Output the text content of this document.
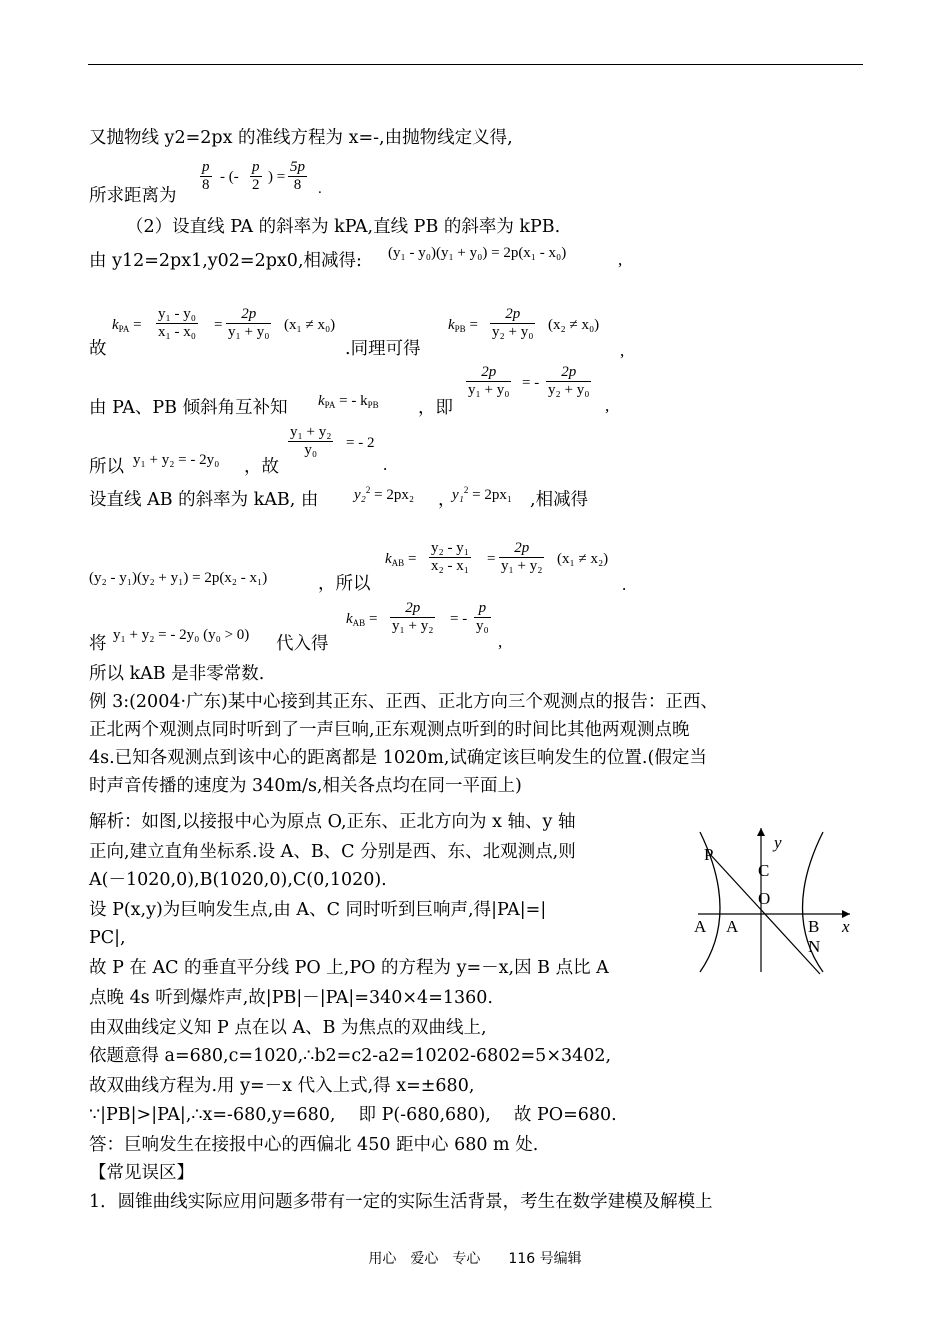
又抛物线 y2=2px 的准线方程为 x=-,由抛物线定义得,
所求距离为
p
8 - (-
p
2 ) =
5p
8 .
（2）设直线 PA 的斜率为 kPA,直线 PB 的斜率为 kPB.
由 y12=2px1,y02=2px0,相减得: (y₁ - y₀)(y₁ + y₀) = 2p(x₁ - x₀)	,
故
$k_{PA}$ =
y₁ - y₀
x₁ - x₀ =
2p
y₁ + y₀ (x₁ ≠ x₀)
.同理可得
$k_{PB}$ =
2p
y₂ + y₀ (x₂ ≠ x₀)
,
由 PA、PB 倾斜角互补知 $k_{PA}$ = - $k_{PB}$ ，即
2p
y₁ + y₀ = -
2p
y₂ + y₀
,
所以 y₁ + y₂ = - 2y₀ ，故
y₁ + y₂
y₀ = - 2
.
设直线 AB 的斜率为 kAB, 由 y₂$^2$ = 2px₂ ，
y₁$^2$ = 2px₁ ,相减得
(y₂ - y₁)(y₂ + y₁) = 2p(x₂ - x₁)	，所以
$k_{AB}$ =
y₂ - y₁
x₂ - x₁ =
2p
y₁ + y₂ (x₁ ≠ x₂)
.
将 y₁ + y₂ = - 2y₀ (y₀ > 0) 代入得
$k_{AB}$ =
2p
y₁ + y₂ = -
p
y₀
,
所以 kAB 是非零常数.
例 3:(2004·广东)某中心接到其正东、正西、正北方向三个观测点的报告：正西、
正北两个观测点同时听到了一声巨响,正东观测点听到的时间比其他两观测点晚
4s.已知各观测点到该中心的距离都是 1020m,试确定该巨响发生的位置.(假定当
时声音传播的速度为 340m/s,相关各点均在同一平面上)
解析：如图,以接报中心为原点 O,正东、正北方向为 x 轴、y 轴
正向,建立直角坐标系.设 A、B、C 分别是西、东、北观测点,则
A(－1020,0),B(1020,0),C(0,1020).
设 P(x,y)为巨响发生点,由 A、C 同时听到巨响声,得|PA|=|
PC|,
故 P 在 AC 的垂直平分线 PO 上,PO 的方程为 y=－x,因 B 点比 A
点晚 4s 听到爆炸声,故|PB|－|PA|=340×4=1360.
由双曲线定义知 P 点在以 A、B 为焦点的双曲线上,
依题意得 a=680,c=1020,∴b2=c2-a2=10202-6802=5×3402,
故双曲线方程为.用 y=－x 代入上式,得 x=±680,
∵|PB|>|PA|,∴x=-680,y=680,　 即 P(-680,680),　 故 PO=680.
答：巨响发生在接报中心的西偏北 450 距中心 680 m 处.
【常见误区】
1．圆锥曲线实际应用问题多带有一定的实际生活背景，考生在数学建模及解模上
y
x
P
C
O
A A	B
N
用心　爱心　专心　　116 号编辑
